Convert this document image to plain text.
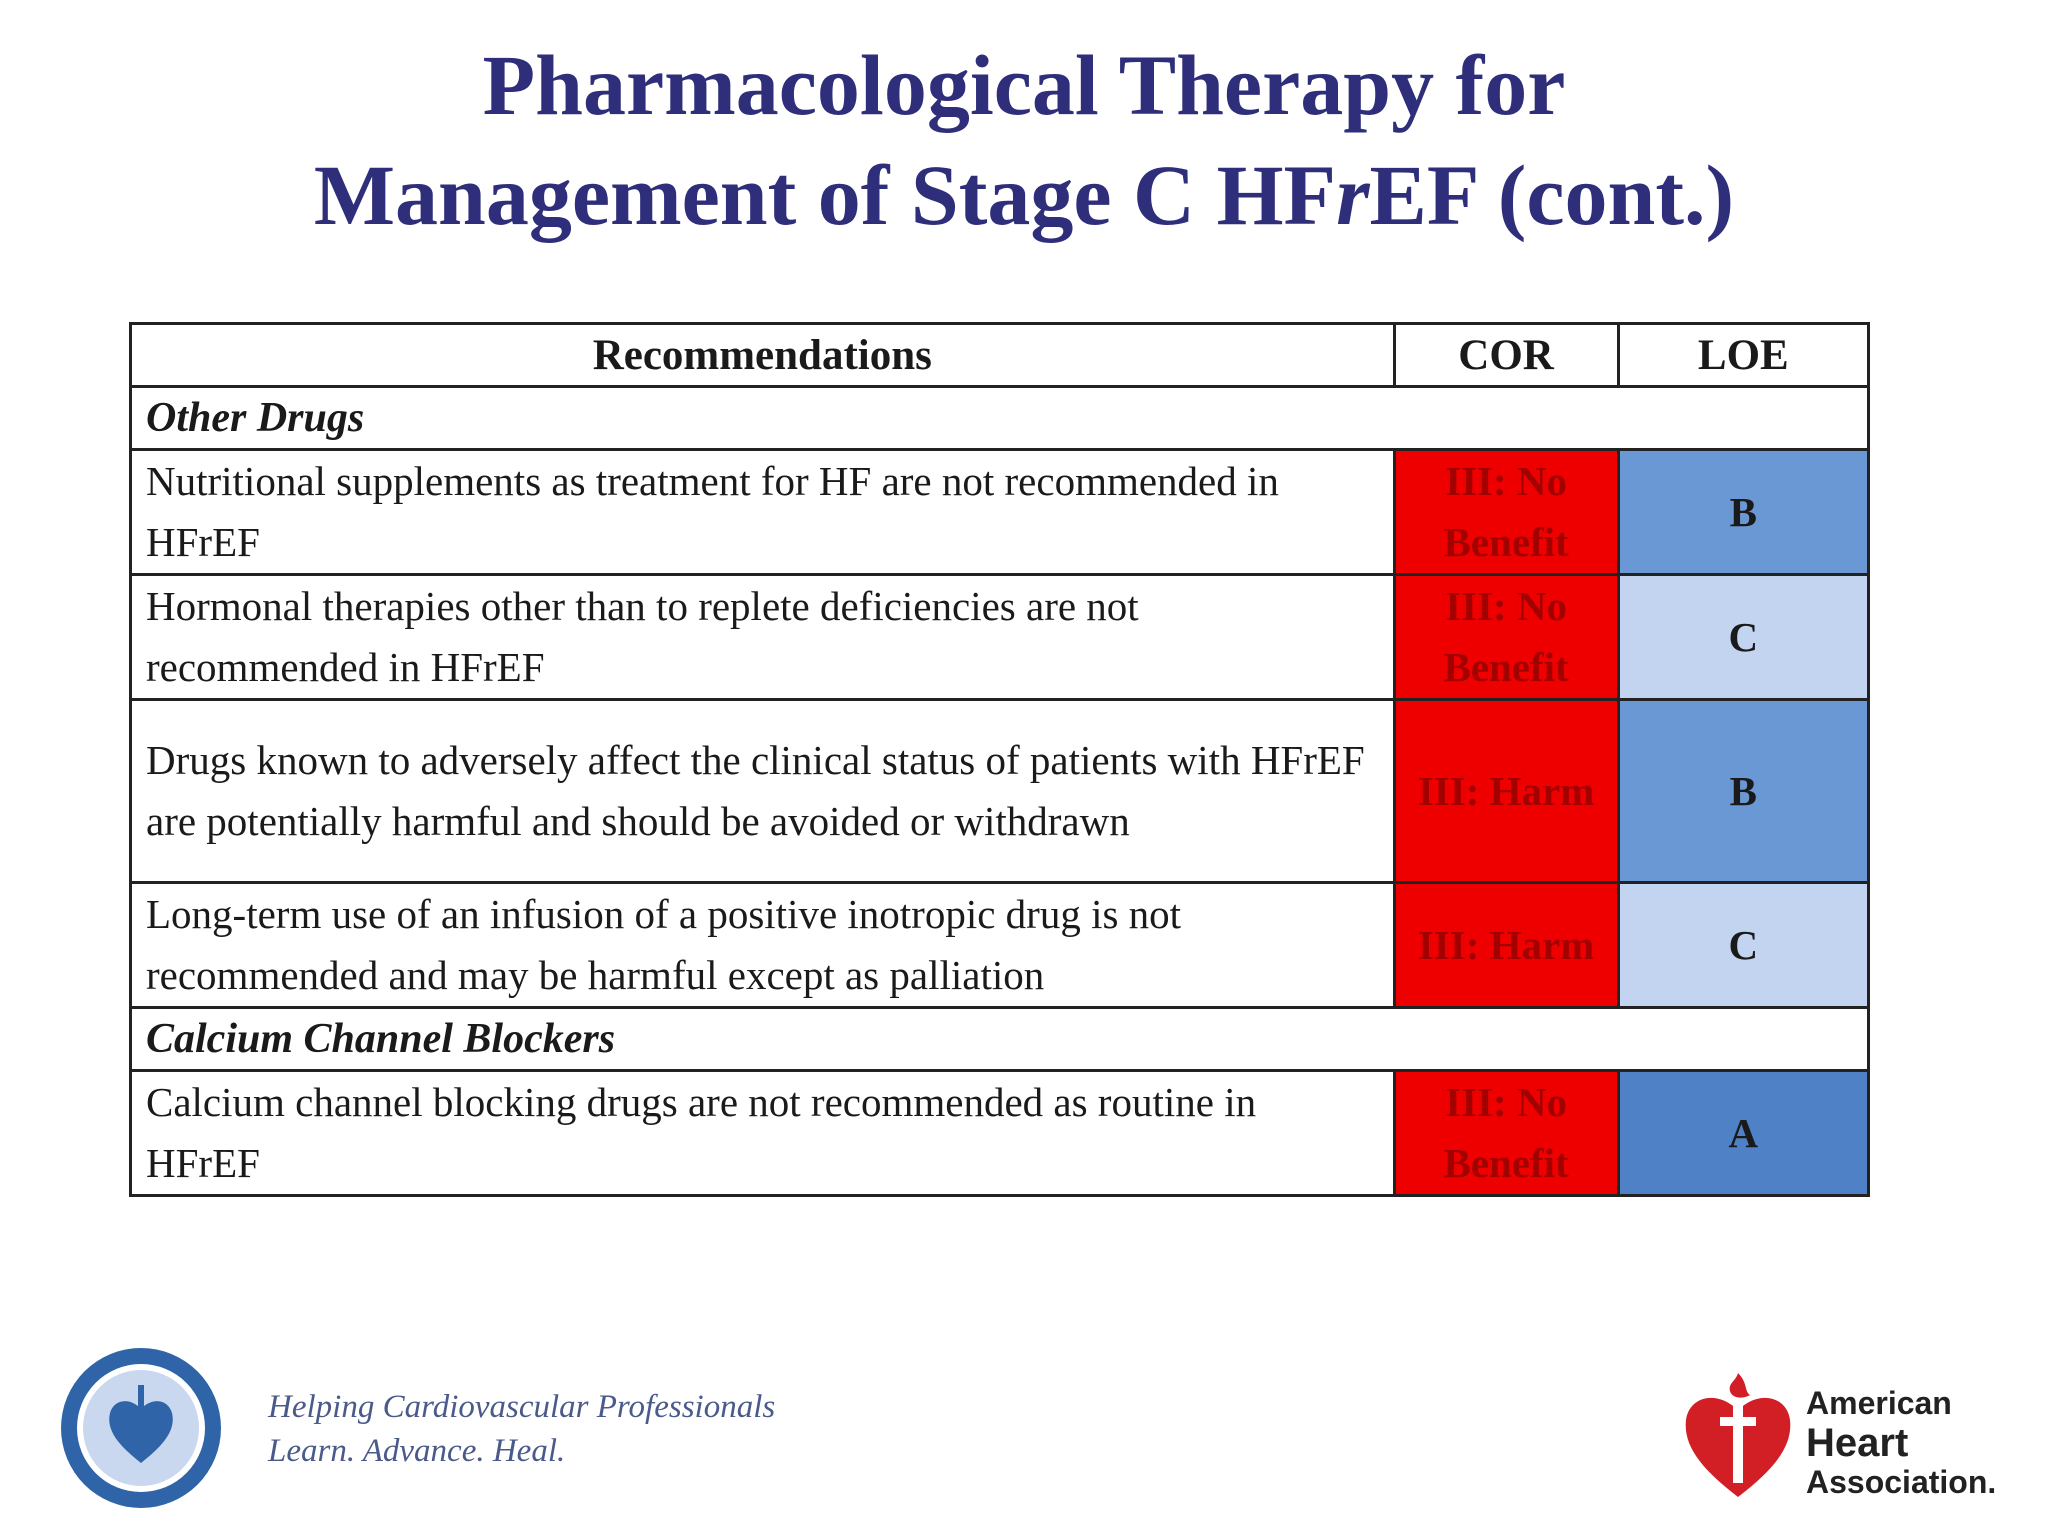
Pharmacological Therapy for
Management of Stage C HFrEF (cont.)
Recommendations	COR	LOE
Other Drugs		
Nutritional supplements as treatment for HF are not recommended in HFrEF	III: No Benefit	B
Hormonal therapies other than to replete deficiencies are not recommended in HFrEF	III: No Benefit	C
Drugs known to adversely affect the clinical status of patients with HFrEF are potentially harmful and should be avoided or withdrawn	III: Harm	B
Long-term use of an infusion of a positive inotropic drug is not recommended and may be harmful except as palliation	III: Harm	C
Calcium Channel Blockers		
Calcium channel blocking drugs are not recommended as routine in HFrEF	III: No Benefit	A
Helping Cardiovascular Professionals
Learn. Advance. Heal.
American
Heart
Association.
